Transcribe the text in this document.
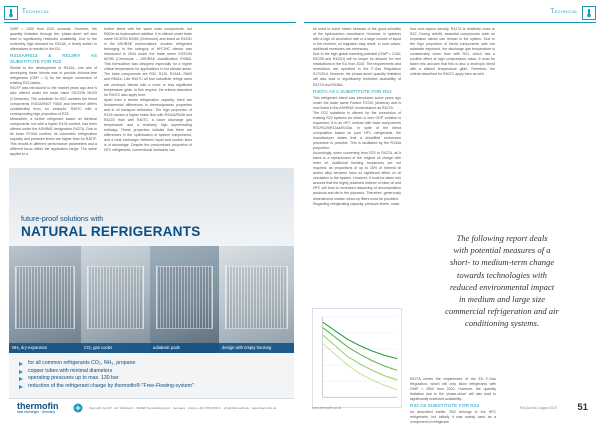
Technical	Technical

GWP = 1300 from 2021 onwards. However, the quantity limitation through the 'phase-down' will also lead to significantly restricted availability. Due to the extremely high demand for R410A, a timely switch to alternatives is needed in the EU.

R410A/R513 & R513RA AS SUBSTITUTE FOR R22

Similar to the development of R410A, one aim of developing these blends was to provide chlorine-free refrigerants (ODP = 0) for the simple conversion of existing R22 plants.

R407F was introduced to the market years ago and is also offered under the trade name ISCEON MO29 (Chemours). The substitute for R22 contains the blend components R410A/R407 R600 and therefore differs considerably from, for example, R407C with a corresponding high proportion of R32.

Meanwhile, a further refrigerant based on identical components, but with a higher R134 content, has been offered under the ASHRAE designation R427A. Due to its lower R744A content, its volumetric refrigeration capacity and pressure levels are higher than for R407F. This results in different performance parameters and a different focus within the application range. The same applies to a

further blend with the same main components, but R600a as hydrocarbon additive. It is offered under trade name ISCEON MO89 (Chemours) and listed as R422D in the ASHRAE nomenclature. Another refrigerant belonging to the category of HFC/HC blends was introduced in 2004 under the trade name ISCEON MO99 (Chemours – ASHRAE classification R438A. This formulation was designed especially for a higher critical temperature for applications in hot climate areas. The base components are R32, R125, R134A, R600 and R601a. Like R407C all four substitute refrige rants are zeotropic blends with a more or less significant temperature glide. In this respect, the criteria described for R407C also apply here.

Apart from a similar refrigeration capacity, there are fundamental differences in thermodynamic properties and in oil transport behaviour. The high proportion of R125 causes a higher mass flow with R410A/R438 and R422D than with R407C, a lower discharge gas temperature and a relatively high superheating enthalpy. These properties indicate that there are differences in the optimisation of system components, and a heat exchanger between liquid and suction lines is of advantage. Despite the predominant proportion of HFC refrigerants, conventional lubricants can

future-proof solutions with
NATURAL REFRIGERANTS
NH₃ dry-expansion	CO₂ gas cooler	adiabatic pads	design with empty housing
for all common refrigerants CO₂, NH₃, propane
copper tubes with minimal diameters
operating pressures up to max. 130 bar
reduction of the refrigerant charge by thermofin®-"Free-Flowing-system"
thermofin
heat exchanger · Germany
thermofin GmbH · Am Windrad 1 · 08468 Heinsdorfergrund · Germany · phone +49 3765 3800 0 · info@thermofin.de · www.thermofin.de

be used to some extent because of the good solubility of the hydrocarbon constituent. However, in systems with a high oil circulation rate or a large volume of liquid in the receiver, oil migration may result. In such cases, additional measures are necessary.

Due to the high global warming potential (GWP = 2140; R422B and R422D) will no longer be allowed for new installations in the EU from 2020. The requirements and restrictions are specified in the F-Gas Regulation 517/2014. However, the 'phase-down' quantity limitation will also lead to significantly restricted availability of R427A and R438A.

R407A AS A SUBSTITUTE FOR R22

This refrigerant blend was introduced some years ago under the trade name Forane FX220 (Arkema) and is now listed in the ASHRAE nomenclature as R427A.

The R22 substitute is offered for the conversion of existing R22 systems for which a 'zero ODP' solution is requested. It is an HFC mixture with base components R32/R125/R134a/R143a. In spite of the blend composition based on pure HFC refrigerants, the manufacturer states that a simplified conversion procedure is possible. This is facilitated by the R143a proportion.

Accordingly, when converting from R22 to R427A, all it takes is a replacement of the original oil charge with ester oil. Additional flushing sequences are not required, as proportions of up to 15% of mineral oil and/or alkyl benzene have no significant effect on oil circulation in the system. However, it must be taken into account that the highly polarised mixture of ester oil and HFC will lead to increased dissolving of decomposition products and dirt in the pipework. Therefore, generously dimensioned suction clean-up filters must be provided.

Regarding refrigerating capacity, pressure levels, mass

flow and vapour density, R427A is relatively close to R22. During retrofit, essential components such as expansion valves can remain in the system. Due to the high proportion of blend components with low adiabatic exponent, the discharge gas temperature is considerably lower than with R22, which has a positive effect at high compression ratios. It must be taken into account that this is also a zeotropic blend with a distinct temperature glide. Therefore, the criteria described for R407C apply here as well.

The following report deals
with potential measures of a
short- to medium-term change
towards technologies with
reduced environmental impact
in medium and large size
commercial refrigeration and air
conditioning systems.

R427A meets the requirement of the EU F-Gas Regulation, which will only allow refrigerants with GWP < 2500 from 2020. However, the quantity limitation due to the 'phase-down' will also lead to significantly restricted availability.

R32 AS SUBSTITUTE FOR R22

As described earlier, R32 belongs to the HFC refrigerants, but initially it was mainly used as a component of refrigerant

www.thermofin.co.uk	RACjournal | August 2019 51
